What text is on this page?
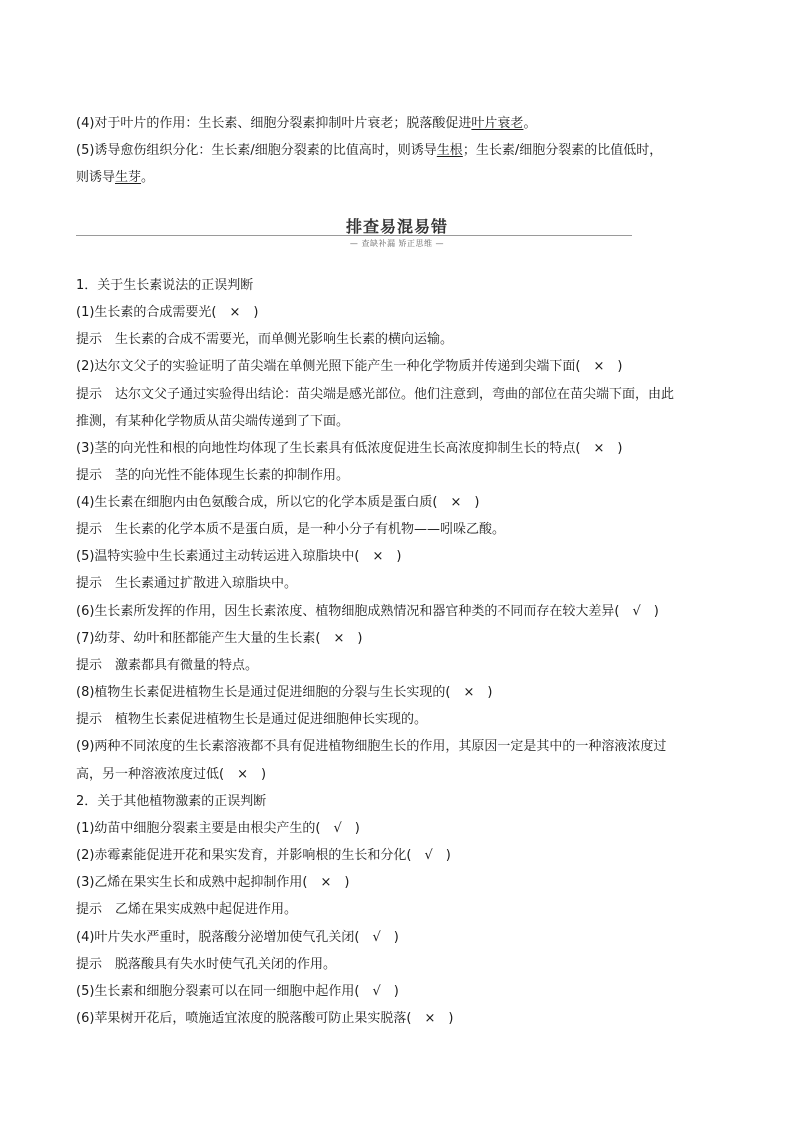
(4)对于叶片的作用：生长素、细胞分裂素抑制叶片衰老；脱落酸促进叶片衰老。
(5)诱导愈伤组织分化：生长素/细胞分裂素的比值高时，则诱导生根；生长素/细胞分裂素的比值低时，
则诱导生芽。
排查易混易错
— 查缺补漏 矫正思维 —
1．关于生长素说法的正误判断
(1)生长素的合成需要光(　×　)
提示　生长素的合成不需要光，而单侧光影响生长素的横向运输。
(2)达尔文父子的实验证明了苗尖端在单侧光照下能产生一种化学物质并传递到尖端下面(　×　)
提示　达尔文父子通过实验得出结论：苗尖端是感光部位。他们注意到，弯曲的部位在苗尖端下面，由此
推测，有某种化学物质从苗尖端传递到了下面。
(3)茎的向光性和根的向地性均体现了生长素具有低浓度促进生长高浓度抑制生长的特点(　×　)
提示　茎的向光性不能体现生长素的抑制作用。
(4)生长素在细胞内由色氨酸合成，所以它的化学本质是蛋白质(　×　)
提示　生长素的化学本质不是蛋白质，是一种小分子有机物——吲哚乙酸。
(5)温特实验中生长素通过主动转运进入琼脂块中(　×　)
提示　生长素通过扩散进入琼脂块中。
(6)生长素所发挥的作用，因生长素浓度、植物细胞成熟情况和器官种类的不同而存在较大差异(　√　)
(7)幼芽、幼叶和胚都能产生大量的生长素(　×　)
提示　激素都具有微量的特点。
(8)植物生长素促进植物生长是通过促进细胞的分裂与生长实现的(　×　)
提示　植物生长素促进植物生长是通过促进细胞伸长实现的。
(9)两种不同浓度的生长素溶液都不具有促进植物细胞生长的作用，其原因一定是其中的一种溶液浓度过
高，另一种溶液浓度过低(　×　)
2．关于其他植物激素的正误判断
(1)幼苗中细胞分裂素主要是由根尖产生的(　√　)
(2)赤霉素能促进开花和果实发育，并影响根的生长和分化(　√　)
(3)乙烯在果实生长和成熟中起抑制作用(　×　)
提示　乙烯在果实成熟中起促进作用。
(4)叶片失水严重时，脱落酸分泌增加使气孔关闭(　√　)
提示　脱落酸具有失水时使气孔关闭的作用。
(5)生长素和细胞分裂素可以在同一细胞中起作用(　√　)
(6)苹果树开花后，喷施适宜浓度的脱落酸可防止果实脱落(　×　)
